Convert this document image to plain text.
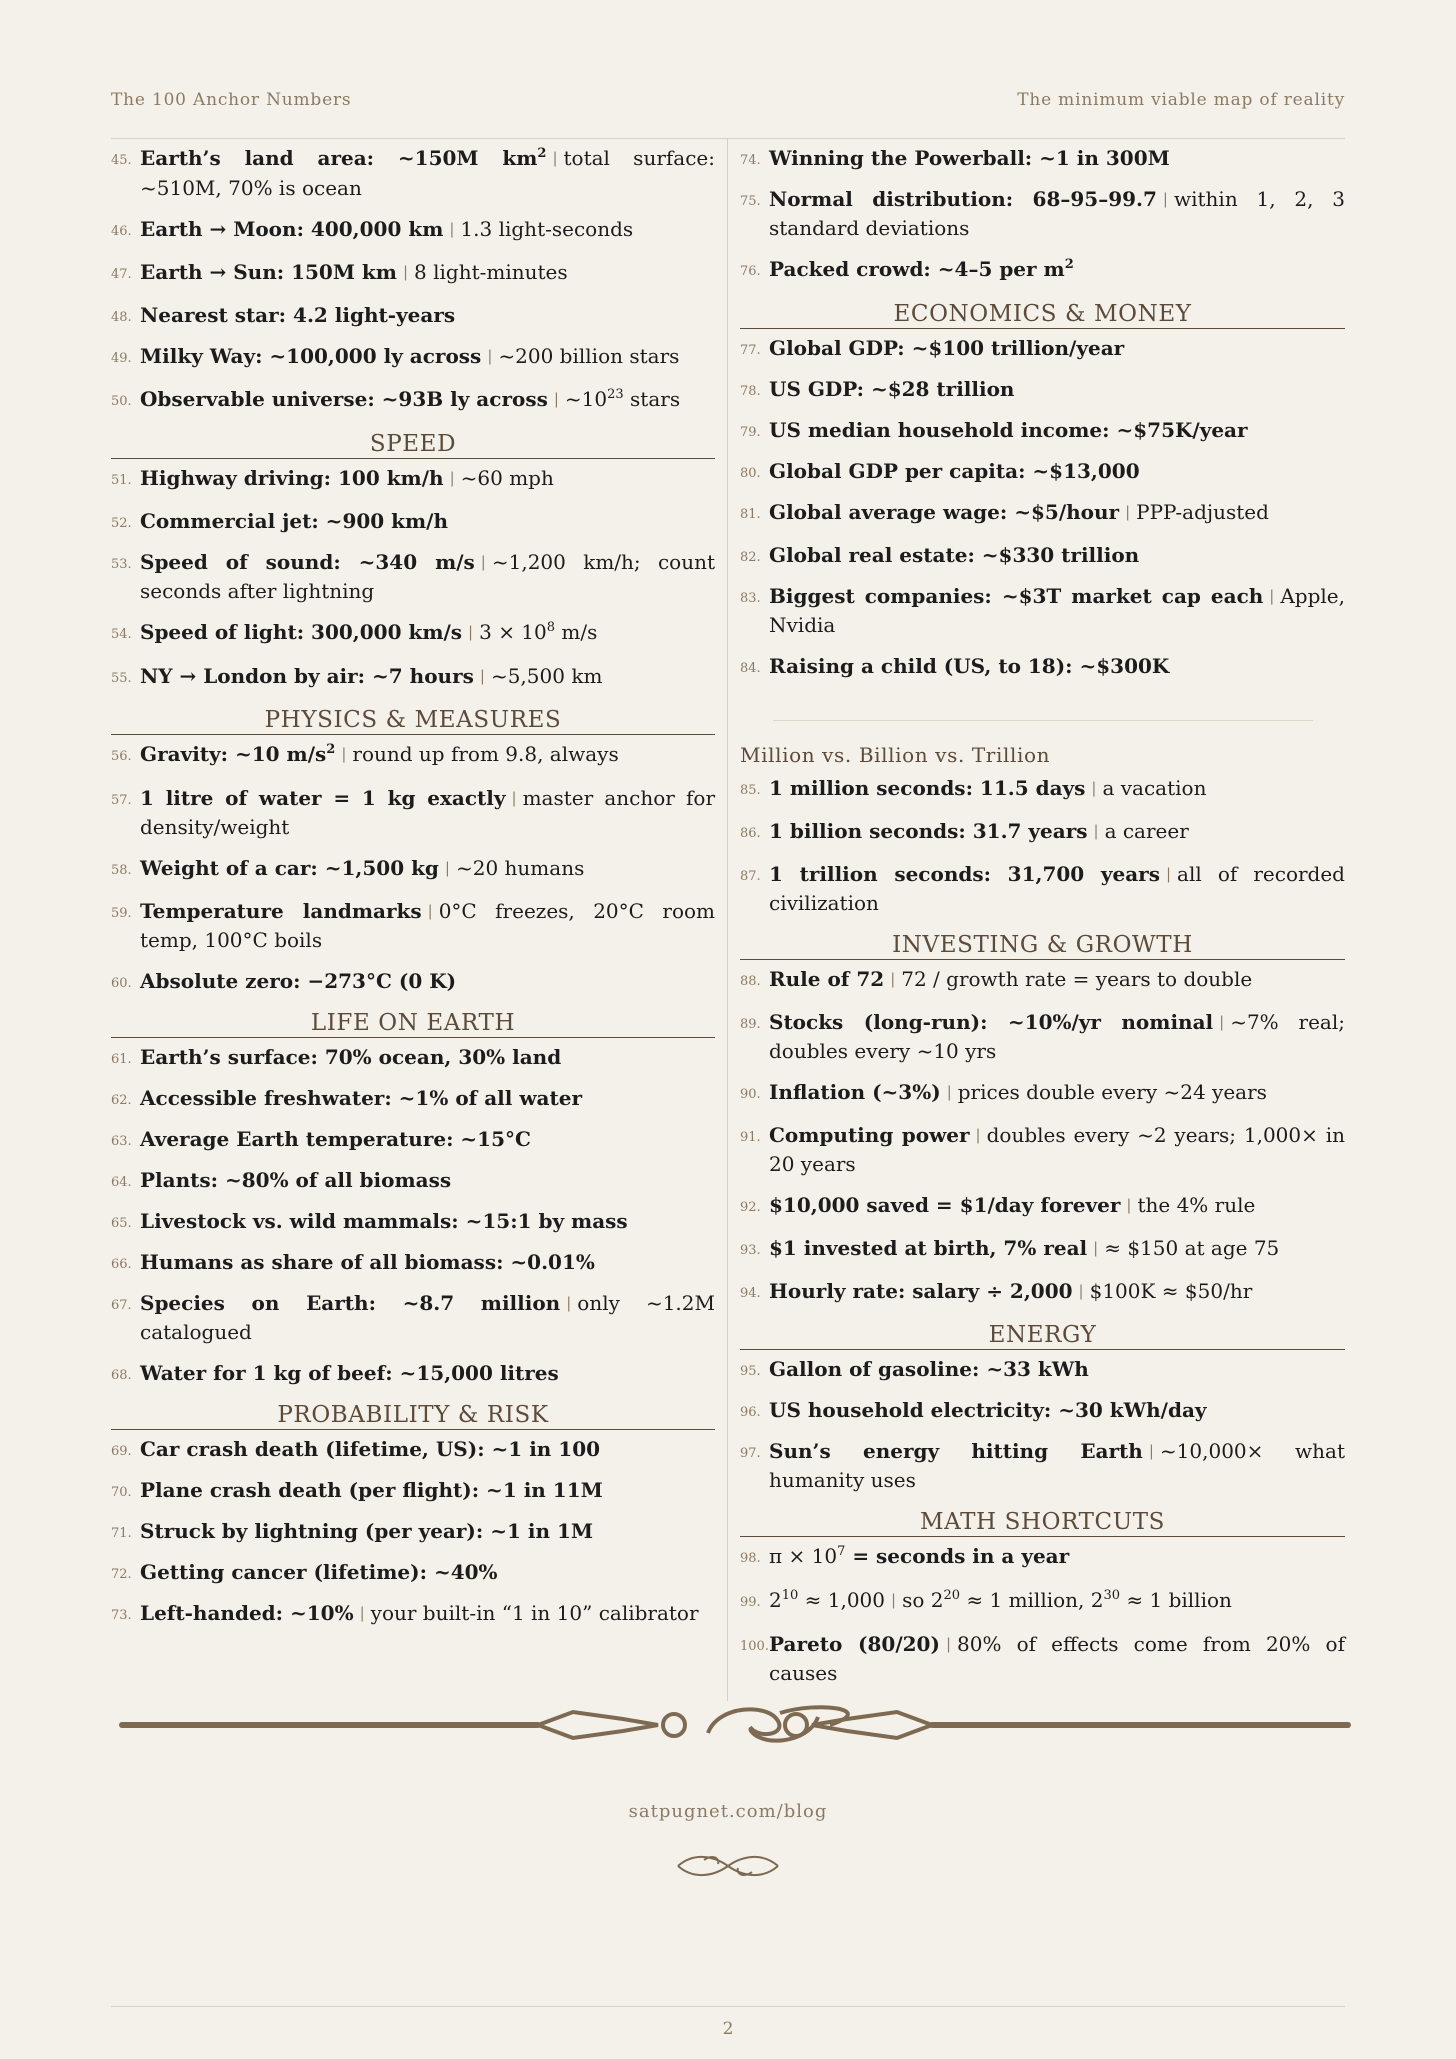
The 100 Anchor Numbers	The minimum viable map of reality
45. Earth’s land area: ~150M $km^2$ | total surface: ~510M, 70% is ocean
46. Earth → Moon: 400,000 km | 1.3 light-seconds
47. Earth → Sun: 150M km | 8 light-minutes
48. Nearest star: 4.2 light-years
49. Milky Way: ~100,000 ly across | ~200 billion stars
50. Observable universe: ~93B ly across | $\sim 10^{23}$ stars
SPEED
51. Highway driving: 100 km/h | ~60 mph
52. Commercial jet: ~900 km/h
53. Speed of sound: ~340 m/s | ~1,200 km/h; count seconds after lightning
54. Speed of light: 300,000 km/s | $3 \times 10^8$ m/s
55. NY → London by air: ~7 hours | ~5,500 km
PHYSICS & MEASURES
56. Gravity: ~10 $m/s^2$ | round up from 9.8, always
57. 1 litre of water = 1 kg exactly | master anchor for density/weight
58. Weight of a car: ~1,500 kg | ~20 humans
59. Temperature landmarks | 0°C freezes, 20°C room temp, 100°C boils
60. Absolute zero: −273°C (0 K)
LIFE ON EARTH
61. Earth’s surface: 70% ocean, 30% land
62. Accessible freshwater: ~1% of all water
63. Average Earth temperature: ~15°C
64. Plants: ~80% of all biomass
65. Livestock vs. wild mammals: ~15:1 by mass
66. Humans as share of all biomass: ~0.01%
67. Species on Earth: ~8.7 million | only ~1.2M catalogued
68. Water for 1 kg of beef: ~15,000 litres
PROBABILITY & RISK
69. Car crash death (lifetime, US): ~1 in 100
70. Plane crash death (per flight): ~1 in 11M
71. Struck by lightning (per year): ~1 in 1M
72. Getting cancer (lifetime): ~40%
73. Left-handed: ~10% | your built-in “1 in 10” calibrator
74. Winning the Powerball: ~1 in 300M
75. Normal distribution: 68–95–99.7 | within 1, 2, 3 standard deviations
76. Packed crowd: ~4–5 per $m^2$
ECONOMICS & MONEY
77. Global GDP: ~$100 trillion/year
78. US GDP: ~$28 trillion
79. US median household income: ~$75K/year
80. Global GDP per capita: ~$13,000
81. Global average wage: ~$5/hour | PPP-adjusted
82. Global real estate: ~$330 trillion
83. Biggest companies: ~$3T market cap each | Apple, Nvidia
84. Raising a child (US, to 18): ~$300K
Million vs. Billion vs. Trillion
85. 1 million seconds: 11.5 days | a vacation
86. 1 billion seconds: 31.7 years | a career
87. 1 trillion seconds: 31,700 years | all of recorded civilization
INVESTING & GROWTH
88. Rule of 72 | 72 / growth rate = years to double
89. Stocks (long-run): ~10%/yr nominal | ~7% real; doubles every ~10 yrs
90. Inflation (~3%) | prices double every ~24 years
91. Computing power | doubles every ~2 years; 1,000× in 20 years
92. $10,000 saved = $1/day forever | the 4% rule
93. $1 invested at birth, 7% real | ≈ $150 at age 75
94. Hourly rate: salary ÷ 2,000 | $100K ≈ $50/hr
ENERGY
95. Gallon of gasoline: ~33 kWh
96. US household electricity: ~30 kWh/day
97. Sun’s energy hitting Earth | ~10,000× what humanity uses
MATH SHORTCUTS
98. $\pi \times 10^7$ = seconds in a year
99. $2^{10} \approx 1,000$ | so $2^{20} \approx 1$ million, $2^{30} \approx 1$ billion
100. Pareto (80/20) | 80% of effects come from 20% of causes
satpugnet.com/blog
2
